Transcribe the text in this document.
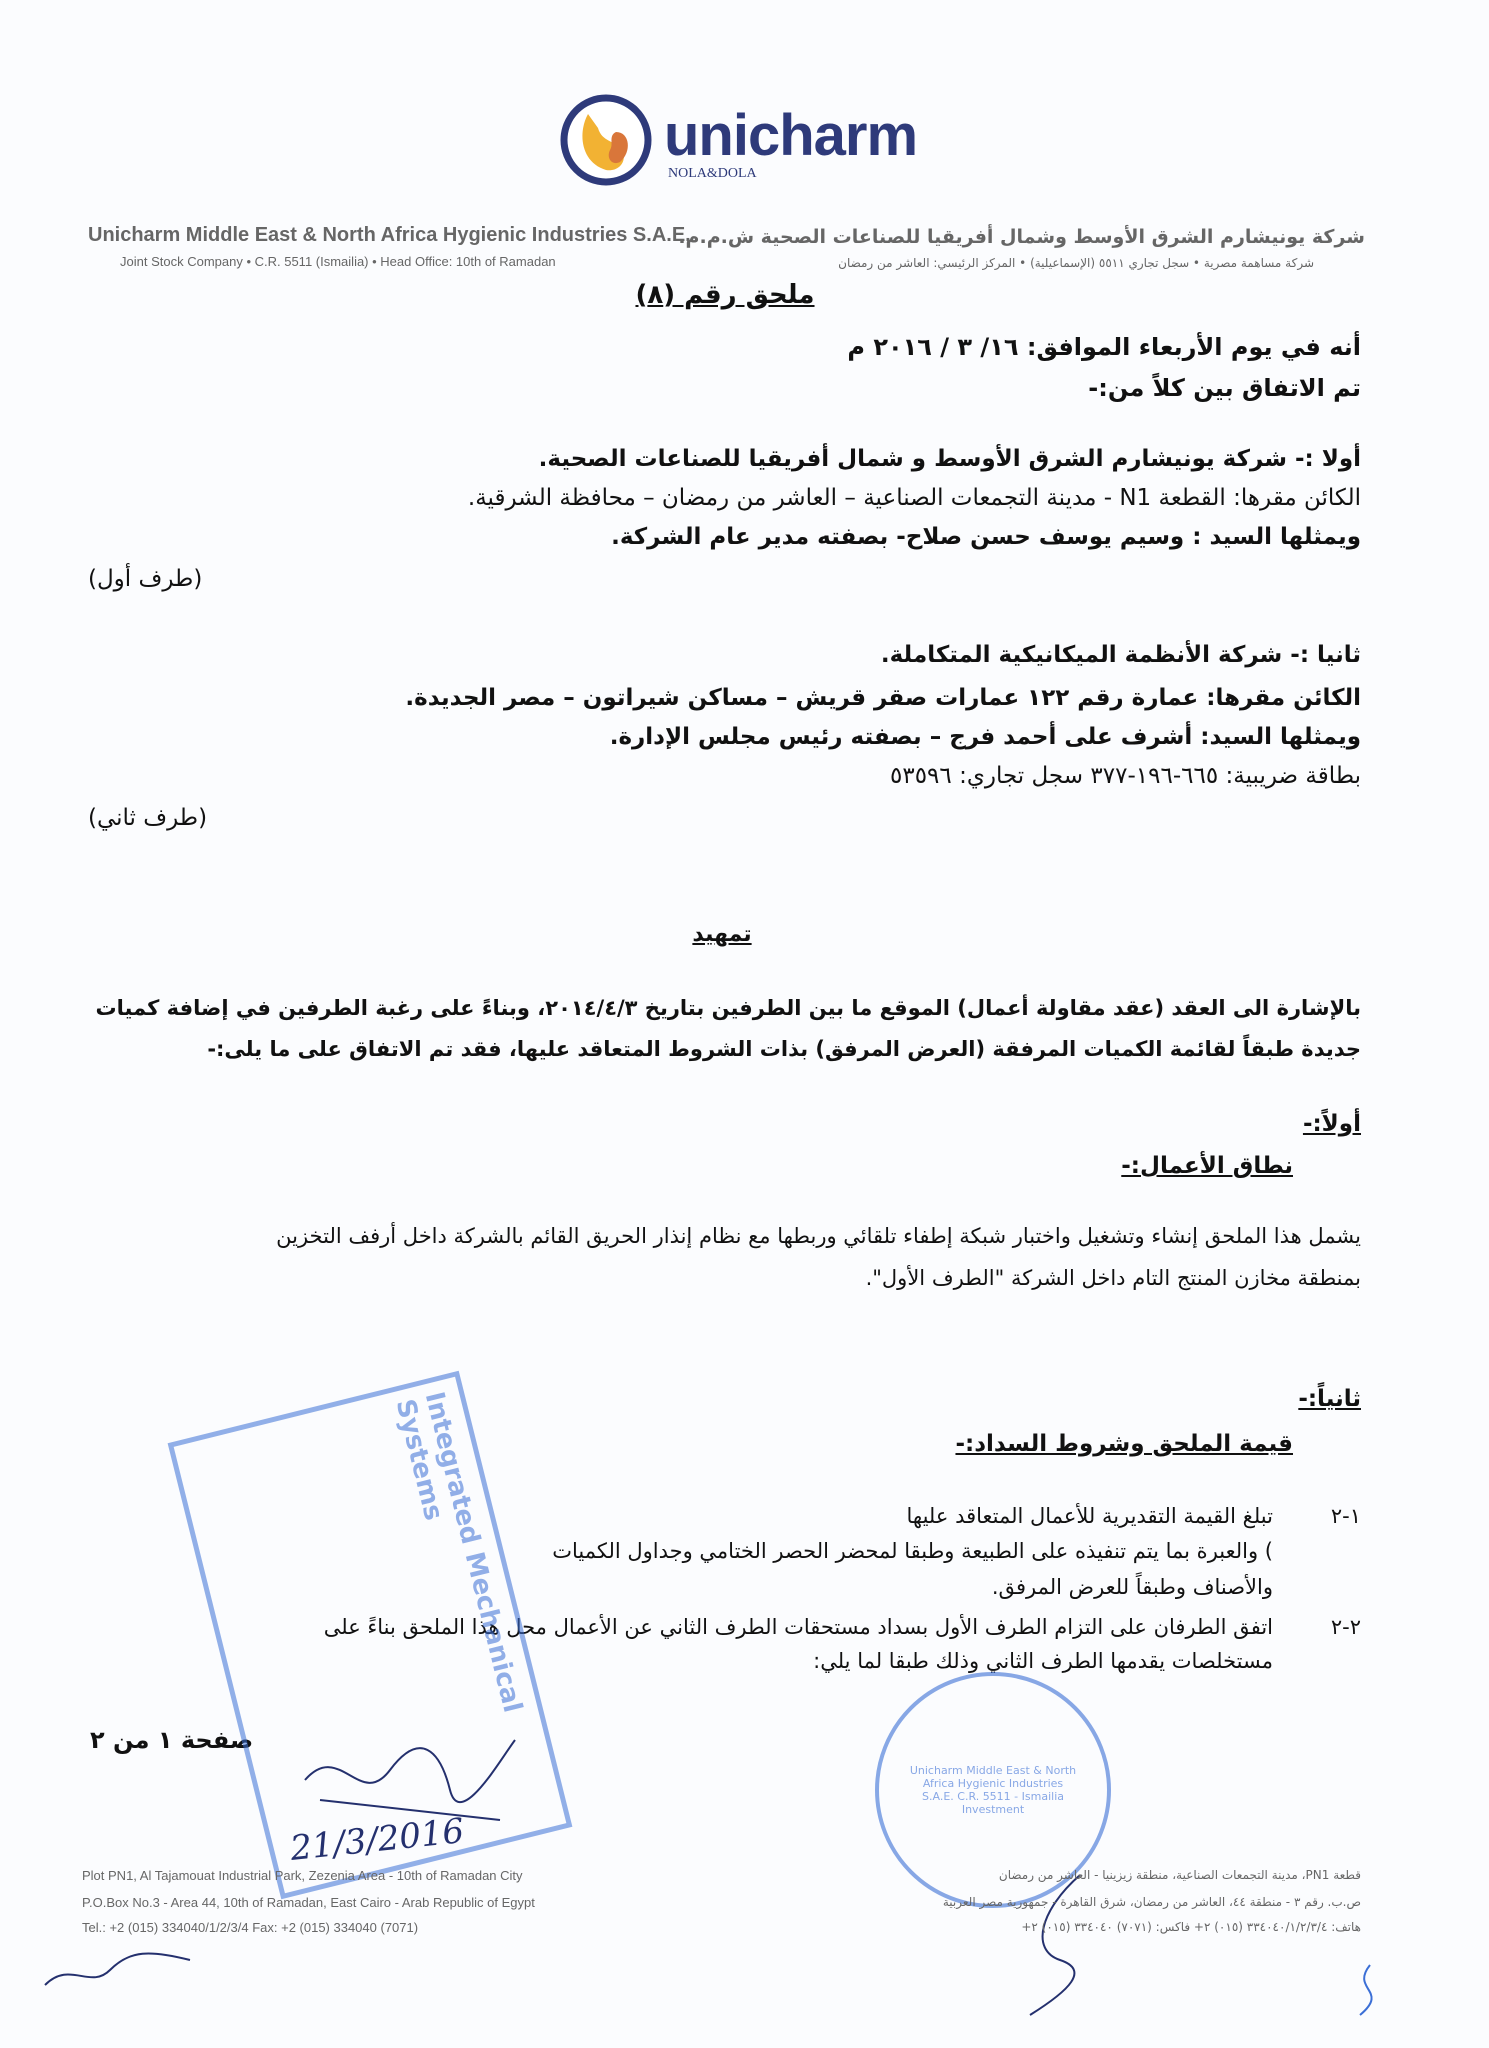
unicharm
NOLA&DOLA
Unicharm Middle East & North Africa Hygienic Industries S.A.E.
Joint Stock Company • C.R. 5511 (Ismailia) • Head Office: 10th of Ramadan
شركة يونيشارم الشرق الأوسط وشمال أفريقيا للصناعات الصحية ش.م.م.
شركة مساهمة مصرية • سجل تجاري ٥٥١١ (الإسماعيلية) • المركز الرئيسي: العاشر من رمضان
ملحق رقم (٨)
أنه في يوم الأربعاء الموافق: ١٦/ ٣ / ٢٠١٦ م
تم الاتفاق بين كلاً من:-
أولا :- شركة يونيشارم الشرق الأوسط و شمال أفريقيا للصناعات الصحية.
الكائن مقرها: القطعة N1 - مدينة التجمعات الصناعية – العاشر من رمضان – محافظة الشرقية.
ويمثلها السيد : وسيم يوسف حسن صلاح- بصفته مدير عام الشركة.
(طرف أول)
ثانيا :- شركة الأنظمة الميكانيكية المتكاملة.
الكائن مقرها: عمارة رقم ١٢٢ عمارات صقر قريش – مساكن شيراتون – مصر الجديدة.
ويمثلها السيد: أشرف على أحمد فرج – بصفته رئيس مجلس الإدارة.
بطاقة ضريبية: ٦٦٥-١٩٦-٣٧٧ سجل تجاري: ٥٣٥٩٦
(طرف ثاني)
تمهيد
بالإشارة الى العقد (عقد مقاولة أعمال) الموقع ما بين الطرفين بتاريخ ٢٠١٤/٤/٣، وبناءً على رغبة الطرفين في إضافة كميات
جديدة طبقاً لقائمة الكميات المرفقة (العرض المرفق) بذات الشروط المتعاقد عليها، فقد تم الاتفاق على ما يلى:-
أولاً:-
نطاق الأعمال:-
يشمل هذا الملحق إنشاء وتشغيل واختبار شبكة إطفاء تلقائي وربطها مع نظام إنذار الحريق القائم بالشركة داخل أرفف التخزين
بمنطقة مخازن المنتج التام داخل الشركة "الطرف الأول".
ثانياً:-
قيمة الملحق وشروط السداد:-
١-٢
تبلغ القيمة التقديرية للأعمال المتعاقد عليها
) والعبرة بما يتم تنفيذه على الطبيعة وطبقا لمحضر الحصر الختامي وجداول الكميات
والأصناف وطبقاً للعرض المرفق.
٢-٢
اتفق الطرفان على التزام الطرف الأول بسداد مستحقات الطرف الثاني عن الأعمال محل هذا الملحق بناءً على
مستخلصات يقدمها الطرف الثاني وذلك طبقا لما يلي:
صفحة ١ من ٢
Integrated Mechanical Systems
Unicharm Middle East & North Africa Hygienic Industries S.A.E. C.R. 5511 - Ismailia Investment
21/3/2016
Plot PN1, Al Tajamouat Industrial Park, Zezenia Area - 10th of Ramadan City
P.O.Box No.3 - Area 44, 10th of Ramadan, East Cairo - Arab Republic of Egypt
Tel.: +2 (015) 334040/1/2/3/4 Fax: +2 (015) 334040 (7071)
قطعة PN1، مدينة التجمعات الصناعية، منطقة زيزينيا - العاشر من رمضان
ص.ب. رقم ٣ - منطقة ٤٤، العاشر من رمضان، شرق القاهرة - جمهورية مصر العربية
هاتف: ٣٣٤٠٤٠/١/٢/٣/٤ (٠١٥) ٢+ فاكس: (٧٠٧١) ٣٣٤٠٤٠ (٠١٥) ٢+
